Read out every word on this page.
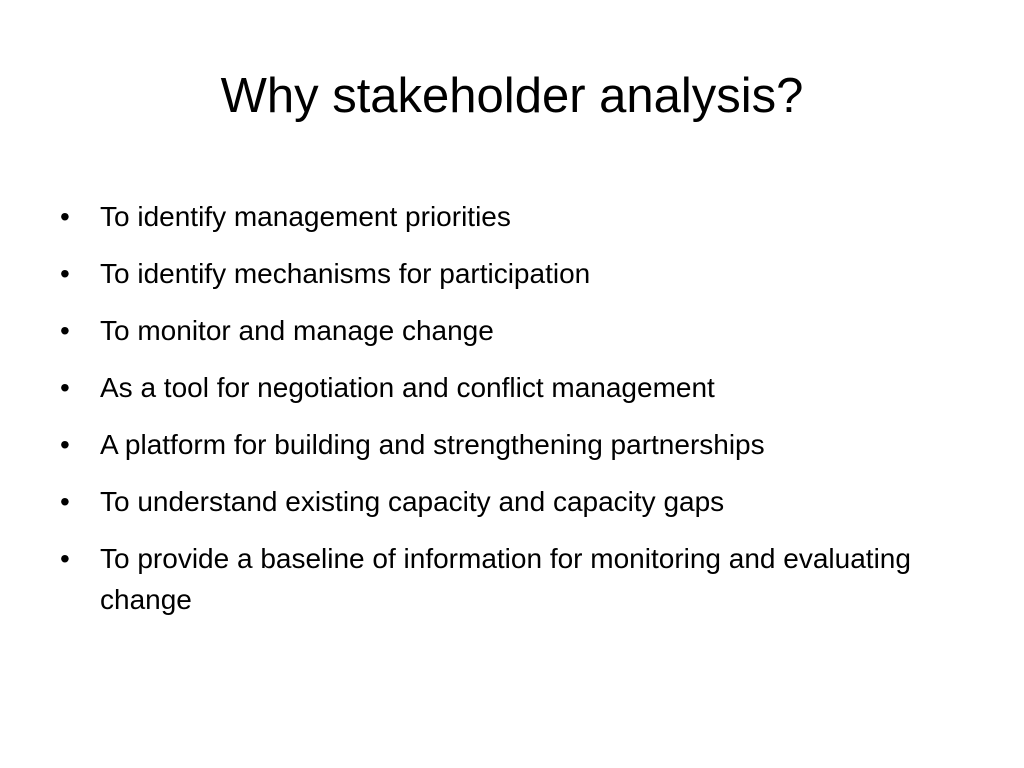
Why stakeholder analysis?
•	To identify management priorities
•	To identify mechanisms for participation
•	To monitor and manage change
•	As a tool for negotiation and conflict management
•	A platform for building and strengthening partnerships
•	To understand existing capacity and capacity gaps
•	To provide a baseline of information for monitoring and evaluating change
